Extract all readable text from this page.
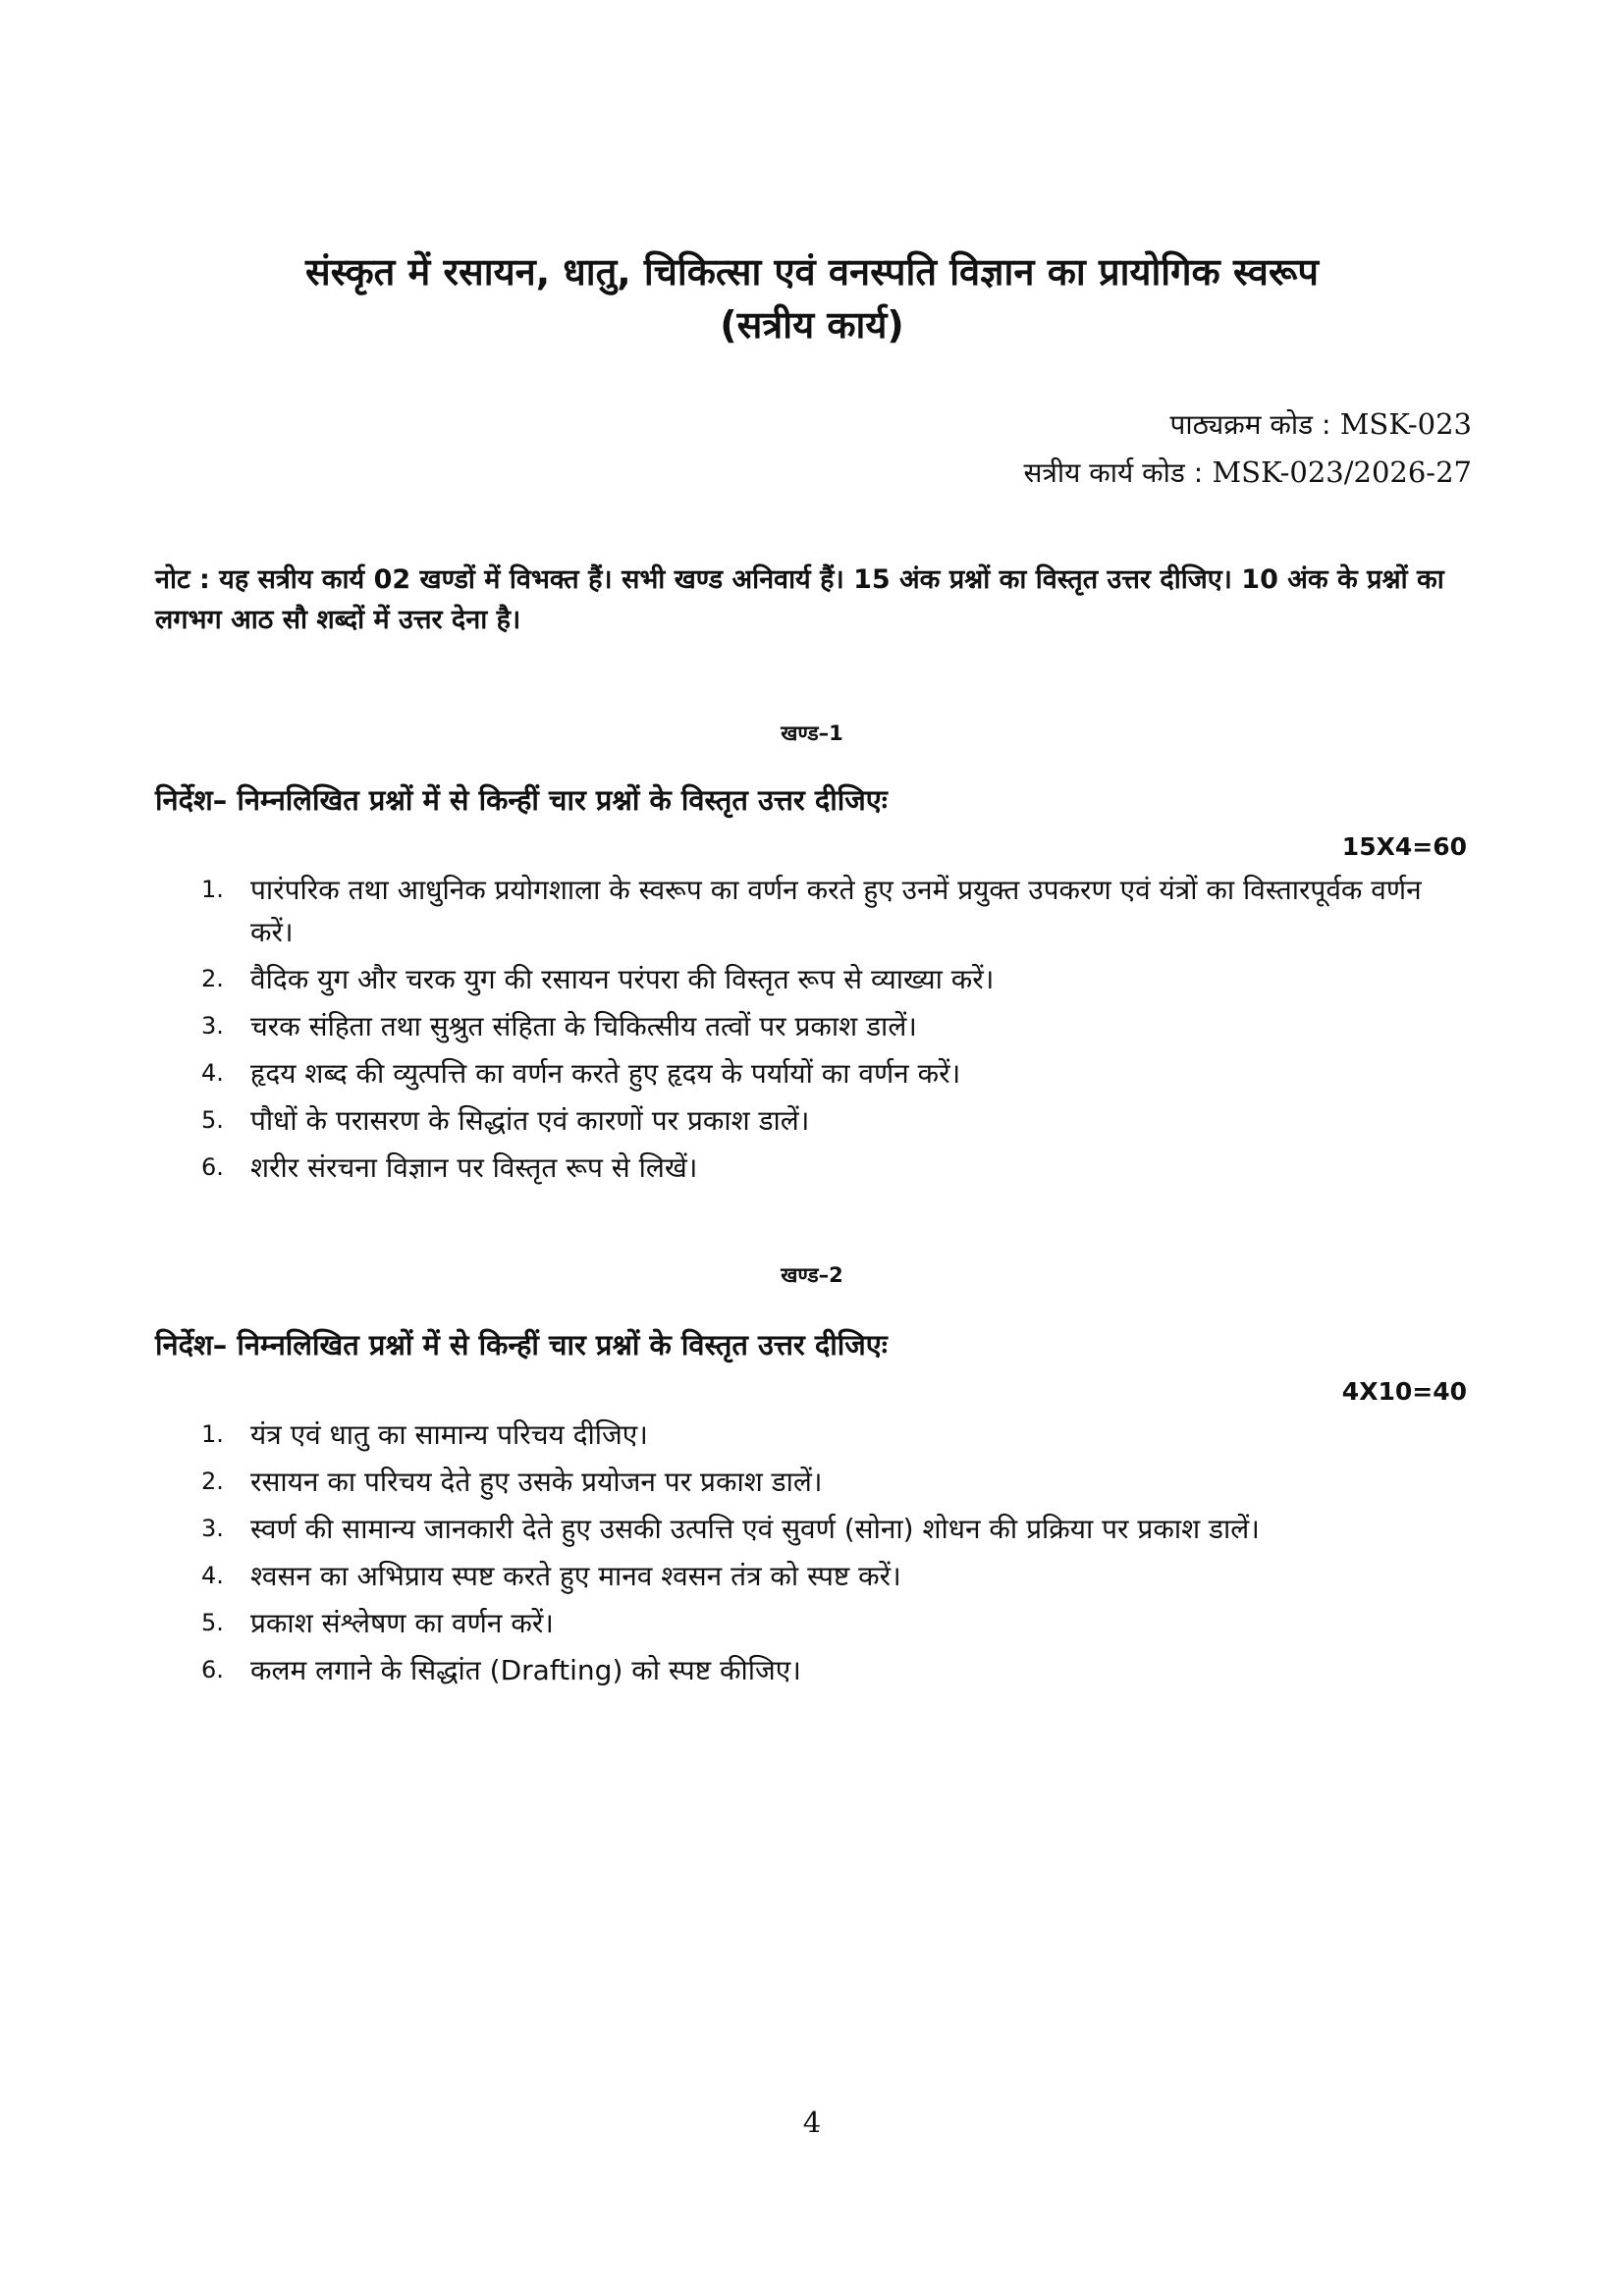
संस्कृत में रसायन, धातु, चिकित्सा एवं वनस्पति विज्ञान का प्रायोगिक स्वरूप

(सत्रीय कार्य)

पाठ्यक्रम कोड : MSK-023
सत्रीय कार्य कोड : MSK-023/2026-27
नोट : यह सत्रीय कार्य 02 खण्डों में विभक्त हैं। सभी खण्ड अनिवार्य हैं। 15 अंक प्रश्नों का विस्तृत उत्तर दीजिए। 10 अंक के प्रश्नों का लगभग आठ सौ शब्दों में उत्तर देना है।
खण्ड–1
निर्देश– निम्नलिखित प्रश्नों में से किन्हीं चार प्रश्नों के विस्तृत उत्तर दीजिएः
15X4=60
1. पारंपरिक तथा आधुनिक प्रयोगशाला के स्वरूप का वर्णन करते हुए उनमें प्रयुक्त उपकरण एवं यंत्रों का विस्तारपूर्वक वर्णन करें।
2. वैदिक युग और चरक युग की रसायन परंपरा की विस्तृत रूप से व्याख्या करें।
3. चरक संहिता तथा सुश्रुत संहिता के चिकित्सीय तत्वों पर प्रकाश डालें।
4. हृदय शब्द की व्युत्पत्ति का वर्णन करते हुए हृदय के पर्यायों का वर्णन करें।
5. पौधों के परासरण के सिद्धांत एवं कारणों पर प्रकाश डालें।
6. शरीर संरचना विज्ञान पर विस्तृत रूप से लिखें।
खण्ड–2
निर्देश– निम्नलिखित प्रश्नों में से किन्हीं चार प्रश्नों के विस्तृत उत्तर दीजिएः
4X10=40
1. यंत्र एवं धातु का सामान्य परिचय दीजिए।
2. रसायन का परिचय देते हुए उसके प्रयोजन पर प्रकाश डालें।
3. स्वर्ण की सामान्य जानकारी देते हुए उसकी उत्पत्ति एवं सुवर्ण (सोना) शोधन की प्रक्रिया पर प्रकाश डालें।
4. श्वसन का अभिप्राय स्पष्ट करते हुए मानव श्वसन तंत्र को स्पष्ट करें।
5. प्रकाश संश्लेषण का वर्णन करें।
6. कलम लगाने के सिद्धांत (Drafting) को स्पष्ट कीजिए।
4
